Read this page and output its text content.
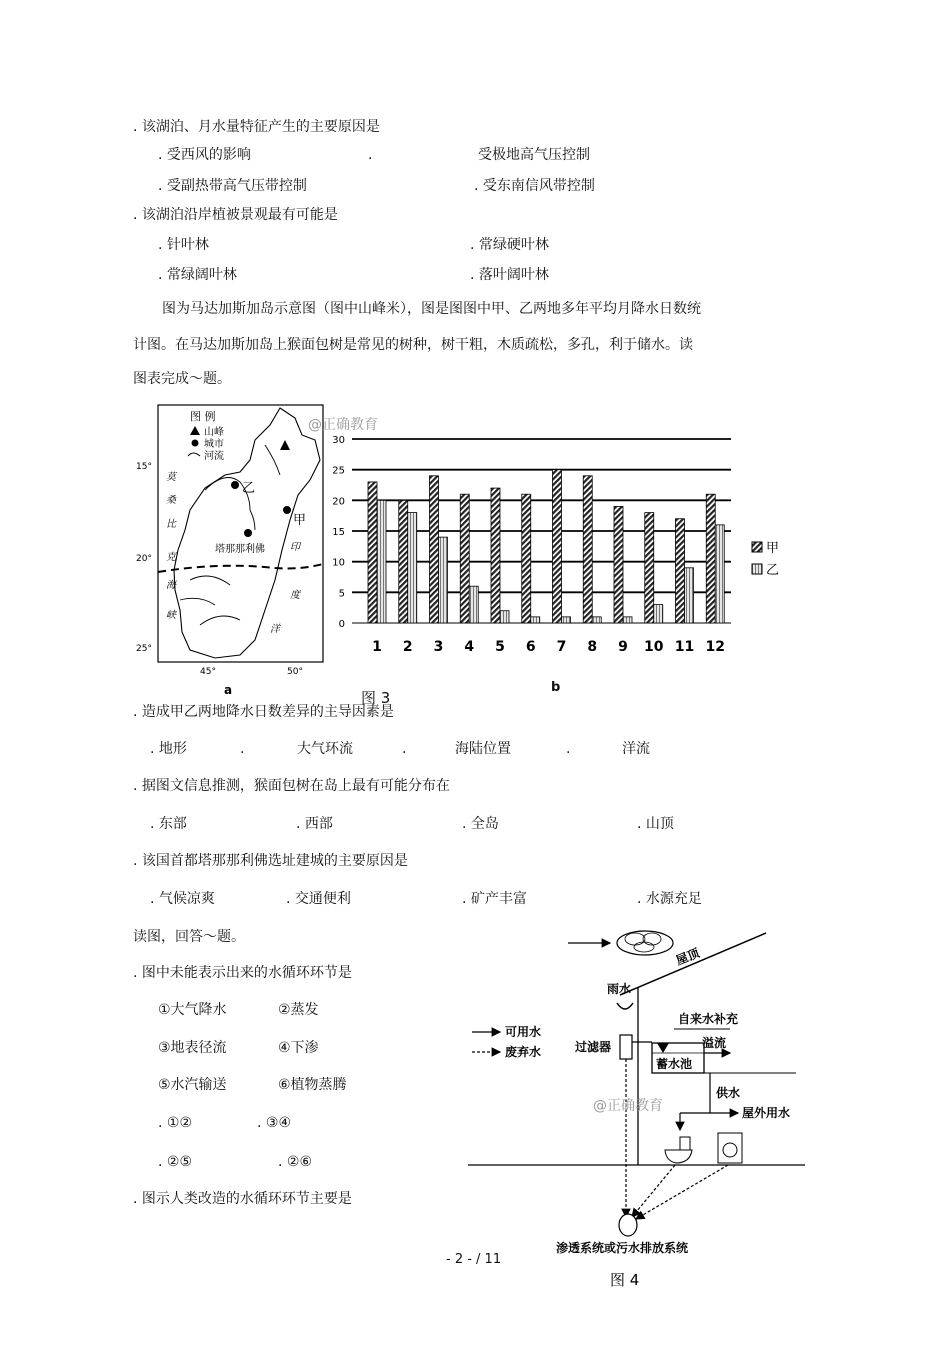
. 该湖泊、月水量特征产生的主要原因是
. 受西风的影响	.	受极地高气压控制
. 受副热带高气压带控制	. 受东南信风带控制
. 该湖泊沿岸植被景观最有可能是
. 针叶林	. 常绿硬叶林
. 常绿阔叶林	. 落叶阔叶林
图为马达加斯加岛示意图（图中山峰米），图是图图中甲、乙两地多年平均月降水日数统
计图。在马达加斯加岛上猴面包树是常见的树种，树干粗，木质疏松，多孔，利于储水。读
图表完成～题。
图 例
山峰
城市
河流
乙
甲
塔那那利佛
莫
桑
比
克
海
峡
印
度
洋
15°
20°
25°
45°	50°
a
0
5
10
15
20
25
30
1 2 3 4 5 6 7 8 9 10 11 12
甲
乙
@正确教育
图 3
b
. 造成甲乙两地降水日数差异的主导因素是
. 地形	.	大气环流	.	海陆位置	.	洋流
. 据图文信息推测，猴面包树在岛上最有可能分布在
. 东部	. 西部	. 全岛	. 山顶
. 该国首都塔那那利佛选址建城的主要原因是
. 气候凉爽	. 交通便利	. 矿产丰富	. 水源充足
读图，回答～题。
. 图中未能表示出来的水循环环节是
①大气降水	②蒸发
③地表径流	④下渗
⑤水汽输送	⑥植物蒸腾
. ①②	. ③④
. ②⑤	. ②⑥
. 图示人类改造的水循环环节主要是
屋顶
雨水
可用水
废弃水	过滤器
自来水补充
蓄水池
溢流
供水
屋外用水
渗透系统或污水排放系统
图 4
@正确教育
- 2 - / 11
